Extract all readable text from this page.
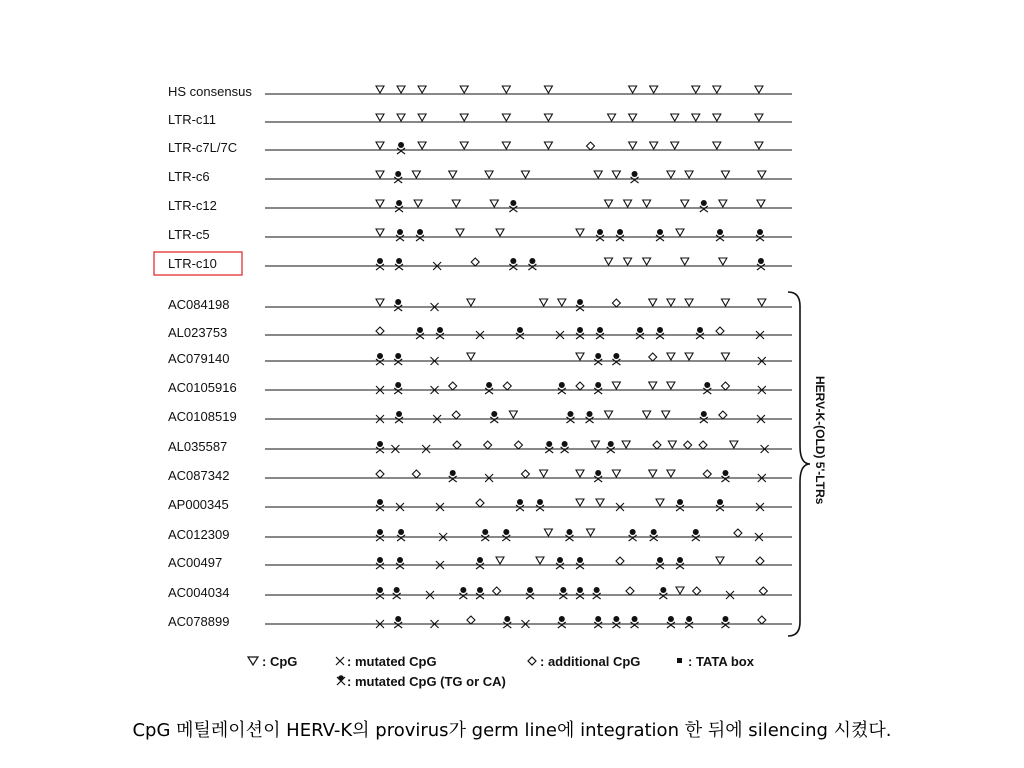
HS consensus
LTR-c11
LTR-c7L/7C
LTR-c6
LTR-c12
LTR-c5
LTR-c10
AC084198
AL023753
AC079140
AC0105916
AC0108519
AL035587
AC087342
AP000345
AC012309
AC00497
AC004034
AC078899
HERV-K-(OLD) 5'-LTRs
: CpG	: mutated CpG	: additional CpG	: TATA box
: mutated CpG (TG or CA)
CpG 메틸레이션이 HERV-K의 provirus가 germ line에 integration 한 뒤에 silencing 시켰다.
